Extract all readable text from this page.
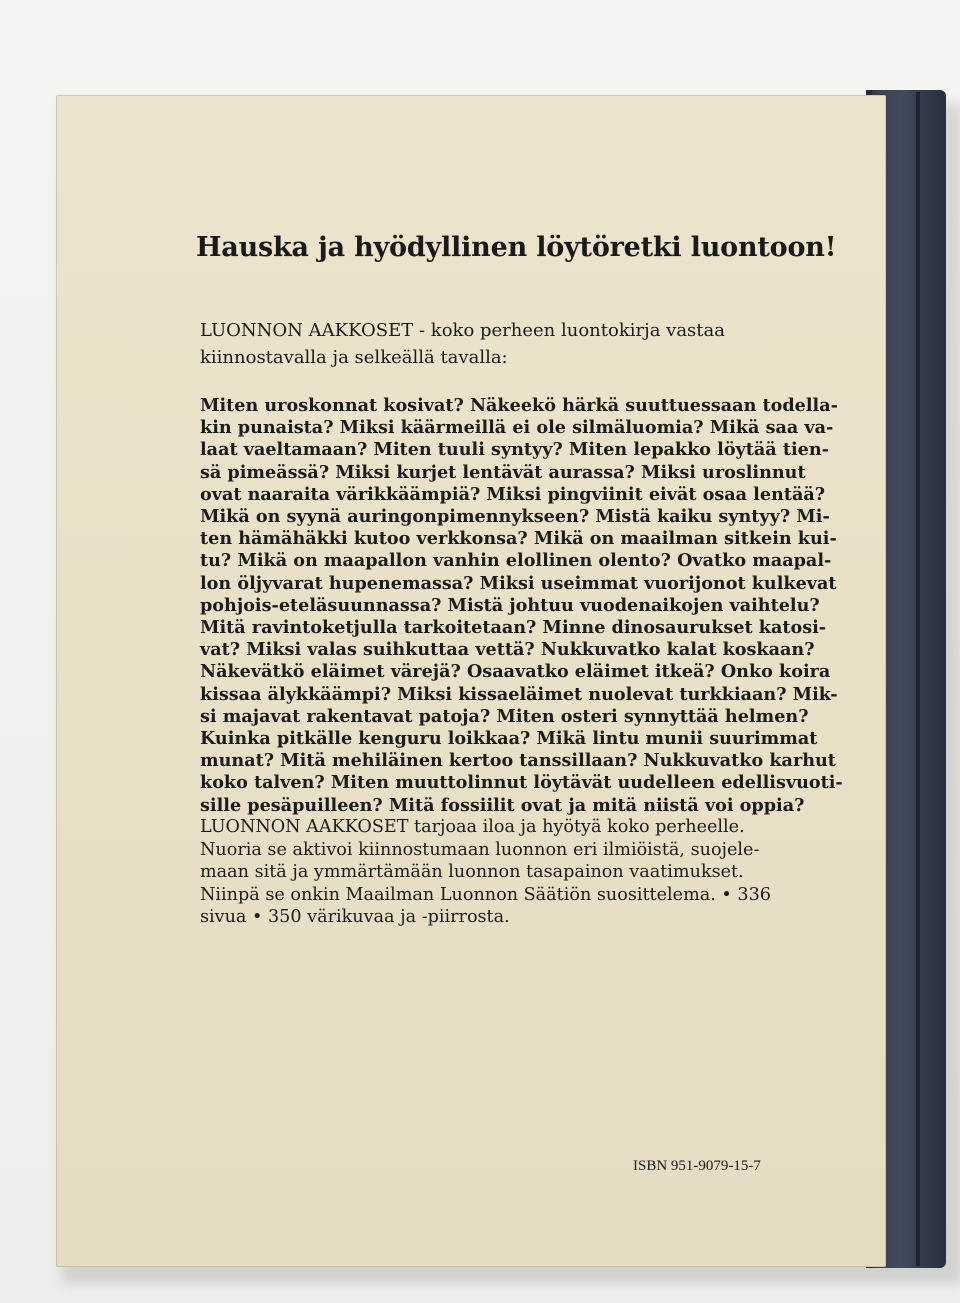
Hauska ja hyödyllinen löytöretki luontoon!
LUONNON AAKKOSET - koko perheen luontokirja vastaa
kiinnostavalla ja selkeällä tavalla:
Miten uroskonnat kosivat? Näkeekö härkä suuttuessaan todella-
kin punaista? Miksi käärmeillä ei ole silmäluomia? Mikä saa va-
laat vaeltamaan? Miten tuuli syntyy? Miten lepakko löytää tien-
sä pimeässä? Miksi kurjet lentävät aurassa? Miksi uroslinnut
ovat naaraita värikkäämpiä? Miksi pingviinit eivät osaa lentää?
Mikä on syynä auringonpimennykseen? Mistä kaiku syntyy? Mi-
ten hämähäkki kutoo verkkonsa? Mikä on maailman sitkein kui-
tu? Mikä on maapallon vanhin elollinen olento? Ovatko maapal-
lon öljyvarat hupenemassa? Miksi useimmat vuorijonot kulkevat
pohjois-eteläsuunnassa? Mistä johtuu vuodenaikojen vaihtelu?
Mitä ravintoketjulla tarkoitetaan? Minne dinosaurukset katosi-
vat? Miksi valas suihkuttaa vettä? Nukkuvatko kalat koskaan?
Näkevätkö eläimet värejä? Osaavatko eläimet itkeä? Onko koira
kissaa älykkäämpi? Miksi kissaeläimet nuolevat turkkiaan? Mik-
si majavat rakentavat patoja? Miten osteri synnyttää helmen?
Kuinka pitkälle kenguru loikkaa? Mikä lintu munii suurimmat
munat? Mitä mehiläinen kertoo tanssillaan? Nukkuvatko karhut
koko talven? Miten muuttolinnut löytävät uudelleen edellisvuoti-
sille pesäpuilleen? Mitä fossiilit ovat ja mitä niistä voi oppia?
LUONNON AAKKOSET tarjoaa iloa ja hyötyä koko perheelle.
Nuoria se aktivoi kiinnostumaan luonnon eri ilmiöistä, suojele-
maan sitä ja ymmärtämään luonnon tasapainon vaatimukset.
Niinpä se onkin Maailman Luonnon Säätiön suosittelema. • 336
sivua • 350 värikuvaa ja -piirrosta.
ISBN 951-9079-15-7
